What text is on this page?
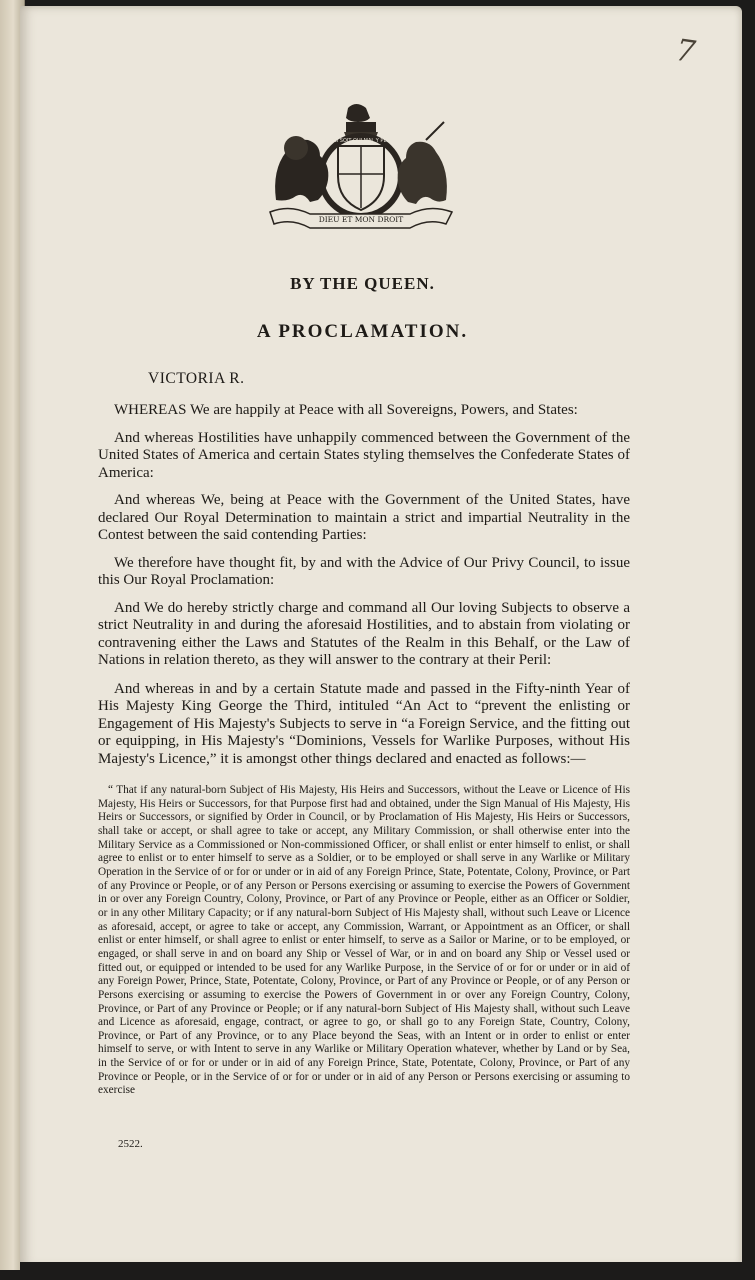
7
HONI SOIT QUI MAL Y PENSE
DIEU ET MON DROIT
BY THE QUEEN.
A PROCLAMATION.
VICTORIA R.

WHEREAS We are happily at Peace with all Sovereigns, Powers, and States:

And whereas Hostilities have unhappily commenced between the Government of the United States of America and certain States styling themselves the Confederate States of America:

And whereas We, being at Peace with the Government of the United States, have declared Our Royal Determination to maintain a strict and impartial Neutrality in the Contest between the said contending Parties:

We therefore have thought fit, by and with the Advice of Our Privy Council, to issue this Our Royal Proclamation:

And We do hereby strictly charge and command all Our loving Subjects to observe a strict Neutrality in and during the aforesaid Hostilities, and to abstain from violating or contravening either the Laws and Statutes of the Realm in this Behalf, or the Law of Nations in relation thereto, as they will answer to the contrary at their Peril:

And whereas in and by a certain Statute made and passed in the Fifty-ninth Year of His Majesty King George the Third, intituled “An Act to “prevent the enlisting or Engagement of His Majesty's Subjects to serve in “a Foreign Service, and the fitting out or equipping, in His Majesty's “Dominions, Vessels for Warlike Purposes, without His Majesty's Licence,” it is amongst other things declared and enacted as follows:—

“ That if any natural-born Subject of His Majesty, His Heirs and Successors, without the Leave or Licence of His Majesty, His Heirs or Successors, for that Purpose first had and obtained, under the Sign Manual of His Majesty, His Heirs or Successors, or signified by Order in Council, or by Proclamation of His Majesty, His Heirs or Successors, shall take or accept, or shall agree to take or accept, any Military Commission, or shall otherwise enter into the Military Service as a Commissioned or Non-commissioned Officer, or shall enlist or enter himself to enlist, or shall agree to enlist or to enter himself to serve as a Soldier, or to be employed or shall serve in any Warlike or Military Operation in the Service of or for or under or in aid of any Foreign Prince, State, Potentate, Colony, Province, or Part of any Province or People, or of any Person or Persons exercising or assuming to exercise the Powers of Government in or over any Foreign Country, Colony, Province, or Part of any Province or People, either as an Officer or Soldier, or in any other Military Capacity; or if any natural-born Subject of His Majesty shall, without such Leave or Licence as aforesaid, accept, or agree to take or accept, any Commission, Warrant, or Appointment as an Officer, or shall enlist or enter himself, or shall agree to enlist or enter himself, to serve as a Sailor or Marine, or to be employed, or engaged, or shall serve in and on board any Ship or Vessel of War, or in and on board any Ship or Vessel used or fitted out, or equipped or intended to be used for any Warlike Purpose, in the Service of or for or under or in aid of any Foreign Power, Prince, State, Potentate, Colony, Province, or Part of any Province or People, or of any Person or Persons exercising or assuming to exercise the Powers of Government in or over any Foreign Country, Colony, Province, or Part of any Province or People; or if any natural-born Subject of His Majesty shall, without such Leave and Licence as aforesaid, engage, contract, or agree to go, or shall go to any Foreign State, Country, Colony, Province, or Part of any Province, or to any Place beyond the Seas, with an Intent or in order to enlist or enter himself to serve, or with Intent to serve in any Warlike or Military Operation whatever, whether by Land or by Sea, in the Service of or for or under or in aid of any Foreign Prince, State, Potentate, Colony, Province, or Part of any Province or People, or in the Service of or for or under or in aid of any Person or Persons exercising or assuming to exercise
2522.
